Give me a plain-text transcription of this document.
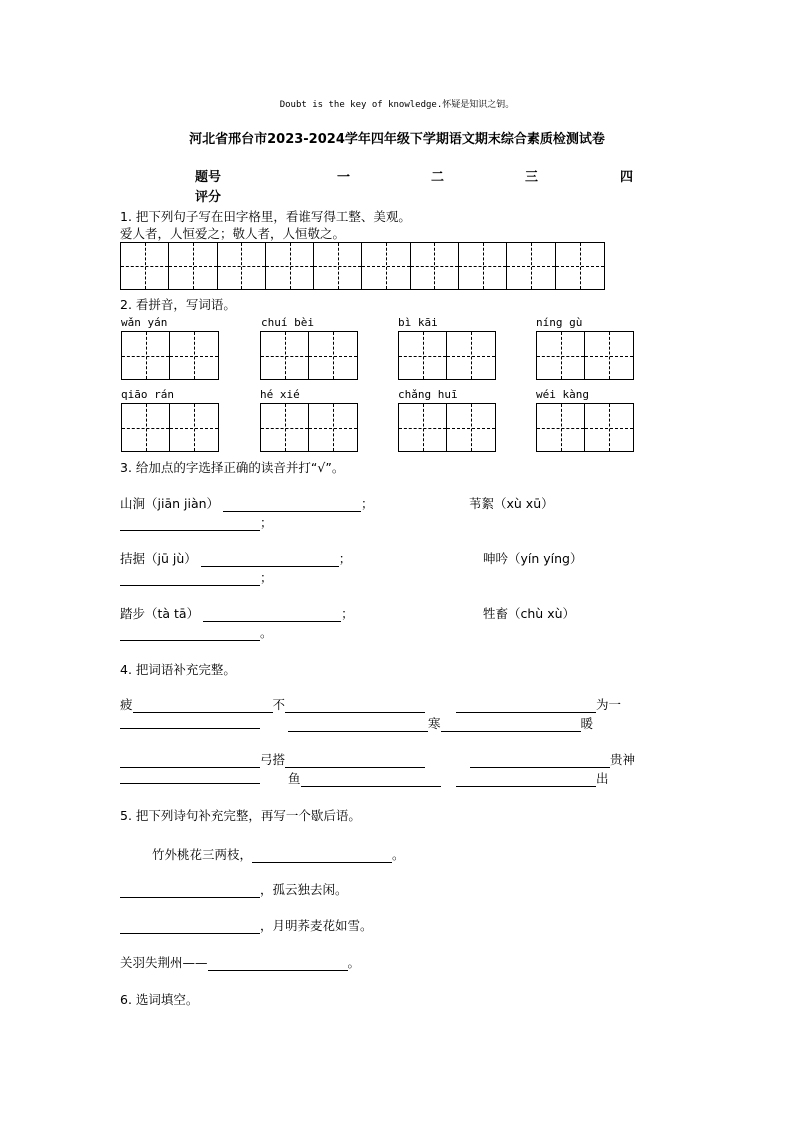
Doubt is the key of knowledge.怀疑是知识之钥。
河北省邢台市2023-2024学年四年级下学期语文期末综合素质检测试卷
题号	一	二	三	四
评分
1. 把下列句子写在田字格里，看谁写得工整、美观。
爱人者，人恒爱之；敬人者，人恒敬之。
2. 看拼音，写词语。
wǎn yán	chuí bèi	bì kāi	níng gù
qiāo rán	hé xié	chǎng huī	wéi kàng
3. 给加点的字选择正确的读音并打“√”。
山涧（jiān jiàn）	；	苇絮（xù xū）
；
拮据（jū jù）	；	呻吟（yín yíng）
；
踏步（tà tā）	；	牲畜（chù xù）
。
4. 把词语补充完整。
疲	不	为一
寒	暖
弓搭	贵神
鱼	出
5. 把下列诗句补充完整，再写一个歇后语。
竹外桃花三两枝，	。
，孤云独去闲。
，月明荞麦花如雪。
关羽失荆州——	。
6. 选词填空。
